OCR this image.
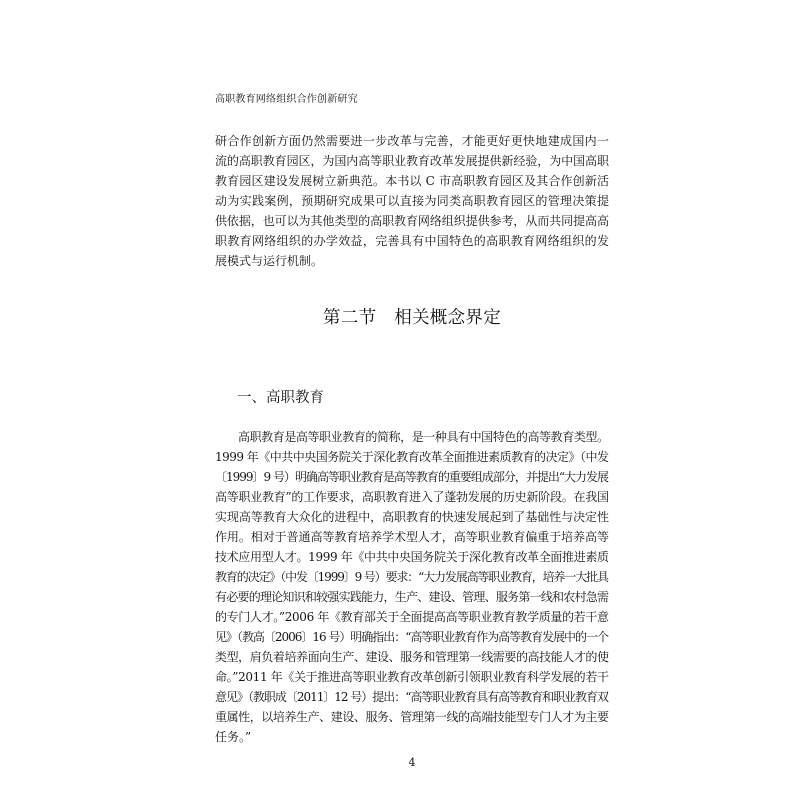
高职教育网络组织合作创新研究
研合作创新方面仍然需要进一步改革与完善，才能更好更快地建成国内一
流的高职教育园区，为国内高等职业教育改革发展提供新经验，为中国高职
教育园区建设发展树立新典范。本书以 C 市高职教育园区及其合作创新活
动为实践案例，预期研究成果可以直接为同类高职教育园区的管理决策提
供依据，也可以为其他类型的高职教育网络组织提供参考，从而共同提高高
职教育网络组织的办学效益，完善具有中国特色的高职教育网络组织的发
展模式与运行机制。
第二节　相关概念界定
一、高职教育
高职教育是高等职业教育的简称，是一种具有中国特色的高等教育类型。
1999 年《中共中央国务院关于深化教育改革全面推进素质教育的决定》（中发
〔1999〕9 号）明确高等职业教育是高等教育的重要组成部分，并提出“大力发展
高等职业教育”的工作要求，高职教育进入了蓬勃发展的历史新阶段。在我国
实现高等教育大众化的进程中，高职教育的快速发展起到了基础性与决定性
作用。相对于普通高等教育培养学术型人才，高等职业教育偏重于培养高等
技术应用型人才。1999 年《中共中央国务院关于深化教育改革全面推进素质
教育的决定》（中发〔1999〕9 号）要求：“大力发展高等职业教育，培养一大批具
有必要的理论知识和较强实践能力，生产、建设、管理、服务第一线和农村急需
的专门人才。”2006 年《教育部关于全面提高高等职业教育教学质量的若干意
见》（教高〔2006〕16 号）明确指出：“高等职业教育作为高等教育发展中的一个
类型，肩负着培养面向生产、建设、服务和管理第一线需要的高技能人才的使
命。”2011 年《关于推进高等职业教育改革创新引领职业教育科学发展的若干
意见》（教职成〔2011〕12 号）提出：“高等职业教育具有高等教育和职业教育双
重属性，以培养生产、建设、服务、管理第一线的高端技能型专门人才为主要
任务。”
4
